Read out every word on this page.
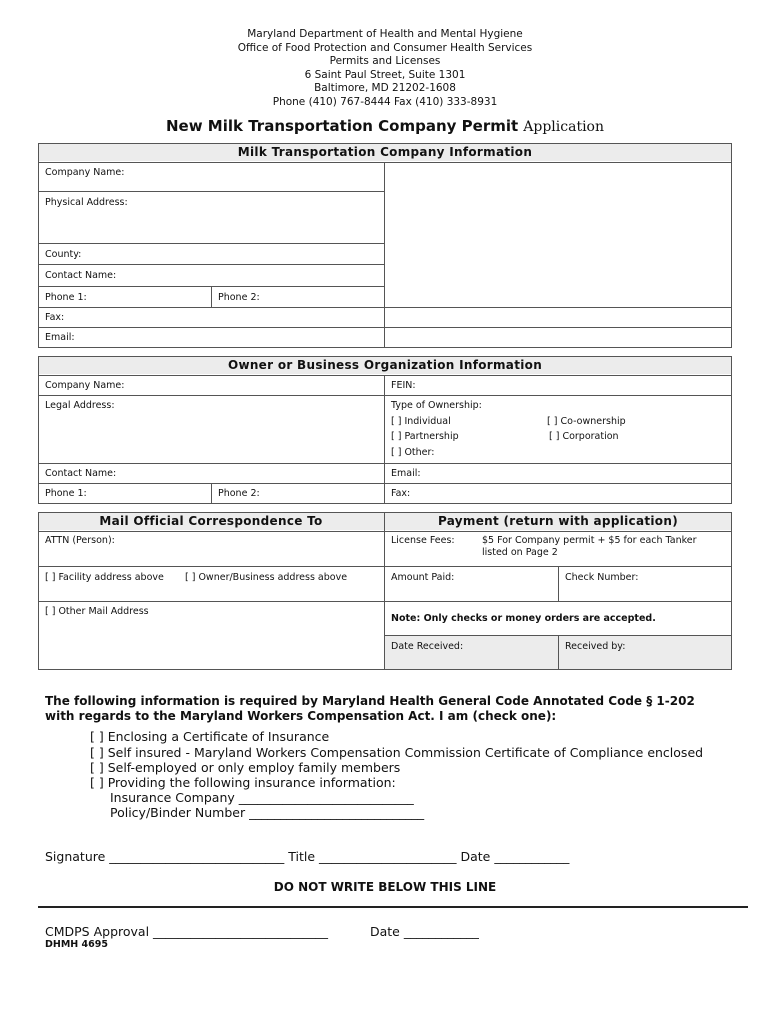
Maryland Department of Health and Mental Hygiene
Office of Food Protection and Consumer Health Services
Permits and Licenses
6 Saint Paul Street, Suite 1301
Baltimore, MD 21202-1608
Phone (410) 767-8444 Fax (410) 333-8931
New Milk Transportation Company Permit Application
Milk Transportation Company Information
Company Name:
Physical Address:
County:
Contact Name:
Phone 1:	Phone 2:
Fax:
Email:
Owner or Business Organization Information
Company Name:	FEIN:
Legal Address:	Type of Ownership:
[ ] Individual	[ ] Co-ownership
[ ] Partnership	[ ] Corporation
[ ] Other:
Contact Name:	Email:
Phone 1:	Phone 2:	Fax:
Mail Official Correspondence To	Payment (return with application)
ATTN (Person):	License Fees:	$5 For Company permit + $5 for each Tanker
listed on Page 2
[ ] Facility address above [ ] Owner/Business address above	Amount Paid:	Check Number:
[ ] Other Mail Address
Note: Only checks or money orders are accepted.
Date Received:	Received by:
The following information is required by Maryland Health General Code Annotated Code § 1-202 with regards to the Maryland Workers Compensation Act. I am (check one):
[ ] Enclosing a Certificate of Insurance
[ ] Self insured - Maryland Workers Compensation Commission Certificate of Compliance enclosed
[ ] Self-employed or only employ family members
[ ] Providing the following insurance information:
Insurance Company ____________________________
Policy/Binder Number ____________________________
Signature ____________________________ Title ______________________ Date ____________
DO NOT WRITE BELOW THIS LINE
CMDPS Approval ____________________________	Date ____________
DHMH 4695
